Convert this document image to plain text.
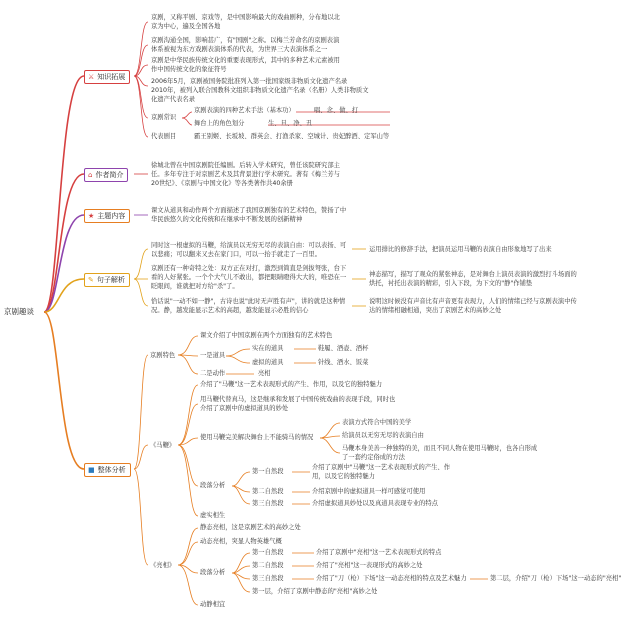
京剧趣谈
⚔ 知识拓展
⌂ 作者简介
★ 主题内容
✎ 句子解析
■ 整体分析
京剧，又称平剧、京戏等，是中国影响最大的戏曲剧种，分布地以北京为中心，遍及全国各地
京剧沟通全国，影响甚广，有"国剧"之称。以梅兰芳命名的京剧表演体系被视为东方戏剧表演体系的代表，为世界三大表演体系之一
京剧是中华民族传统文化的重要表现形式，其中的多种艺术元素被用作中国传统文化的象征符号
2006年5月，京剧被国务院批准列入第一批国家级非物质文化遗产名录
2010年，被列入联合国教科文组织非物质文化遗产名录（名册）人类非物质文化遗产代表名录
京剧常识
京剧表演的四种艺术手法（基本功）	唱、念、做、打
舞台上的角色划分	生、旦、净、丑
代表剧目	霸王别姬、长坂坡、群英会、打渔杀家、空城计、贵妃醉酒、定军山等
徐城北曾在中国京剧院任编剧。后转入学术研究，曾任该院研究部主任。多年专注于对京剧艺术及其背景进行学术研究。著有《梅兰芳与20世纪》、《京剧与中国文化》等各类著作共40余册
课文从道具和动作两个方面描述了我国京剧独有的艺术特色，赞扬了中华民族悠久的文化传统和在继承中不断发展的创新精神
同时这一根虚拟的马鞭，给演员以无穷无尽的表演自由：可以表扬、可以悲痛；可以翻来又去在家门口，可以一抬手就走了一百里。
运用排比的修辞手法，把演员运用马鞭的表演自由形象地写了出来
京剧还有一种奇特之处：双方正在对打，激烈到简直是剑拔弩张，台下看的人好紧张。一个个大气儿不敢出，都把眼睛瞪得大大的，唯恐在一眨眼间，谁就把对方给"杀"了。
神态描写，描写了观众的紧张神态，是对舞台上演员表演的激烈打斗场面的烘托，衬托出表演的精彩，引入下段，为下文的"静"作铺垫
恰话说"一动不如一静"，古诗也说"此时无声胜有声"，讲的就是这种情况。静，越发能显示艺术的高超，越发能显示必胜的信心
说明这时候没有声音比有声音更有表现力，人们的情绪已经与京剧表演中传达的情绪相融相通，突出了京剧艺术的高妙之处
课文介绍了中国京剧在两个方面独有的艺术特色
京剧特色	一是道具
实在的道具	鞋履、酒壶、酒杯
虚拟的道具	针线、酒水、饭菜
二是动作	亮相
《马鞭》
介绍了"马鞭"这一艺术表现形式的产生、作用，以及它的独特魅力
用马鞭代替真马，这是继承和发展了中国传统戏曲的表现手段，同时也介绍了京剧中的虚拟道具的妙处
使用马鞭完美解决舞台上不能骑马的情况
表演方式符合中国的美学
给演员以无穷无尽的表演自由
马鞭本身美善一种独特的美，而且不同人物在使用马鞭时，也各自形成了一套约定俗成的方法
段落分析
第一自然段
介绍了京剧中"马鞭"这一艺术表现形式的产生、作用，以及它的独特魅力
第二自然段	介绍京剧中的虚拟道具一样可感觉可使用
第三自然段	介绍虚拟道具妙处以及真道具表现专业的特点
虚实相生
《亮相》
静态亮相，这是京剧艺术的高妙之处
动态亮相，突显人物英雄气概
段落分析
第一自然段	介绍了京剧中"亮相"这一艺术表现形式的特点
第二自然段	介绍了"亮相"这一表现形式的高妙之处
第三自然段	介绍了"刀（枪）下场"这一动态亮相的特点及艺术魅力	第二层，介绍"刀（枪）下场"这一动态的"亮相"
第一层，介绍了京剧中静态的"亮相"高妙之处
动静相宜
